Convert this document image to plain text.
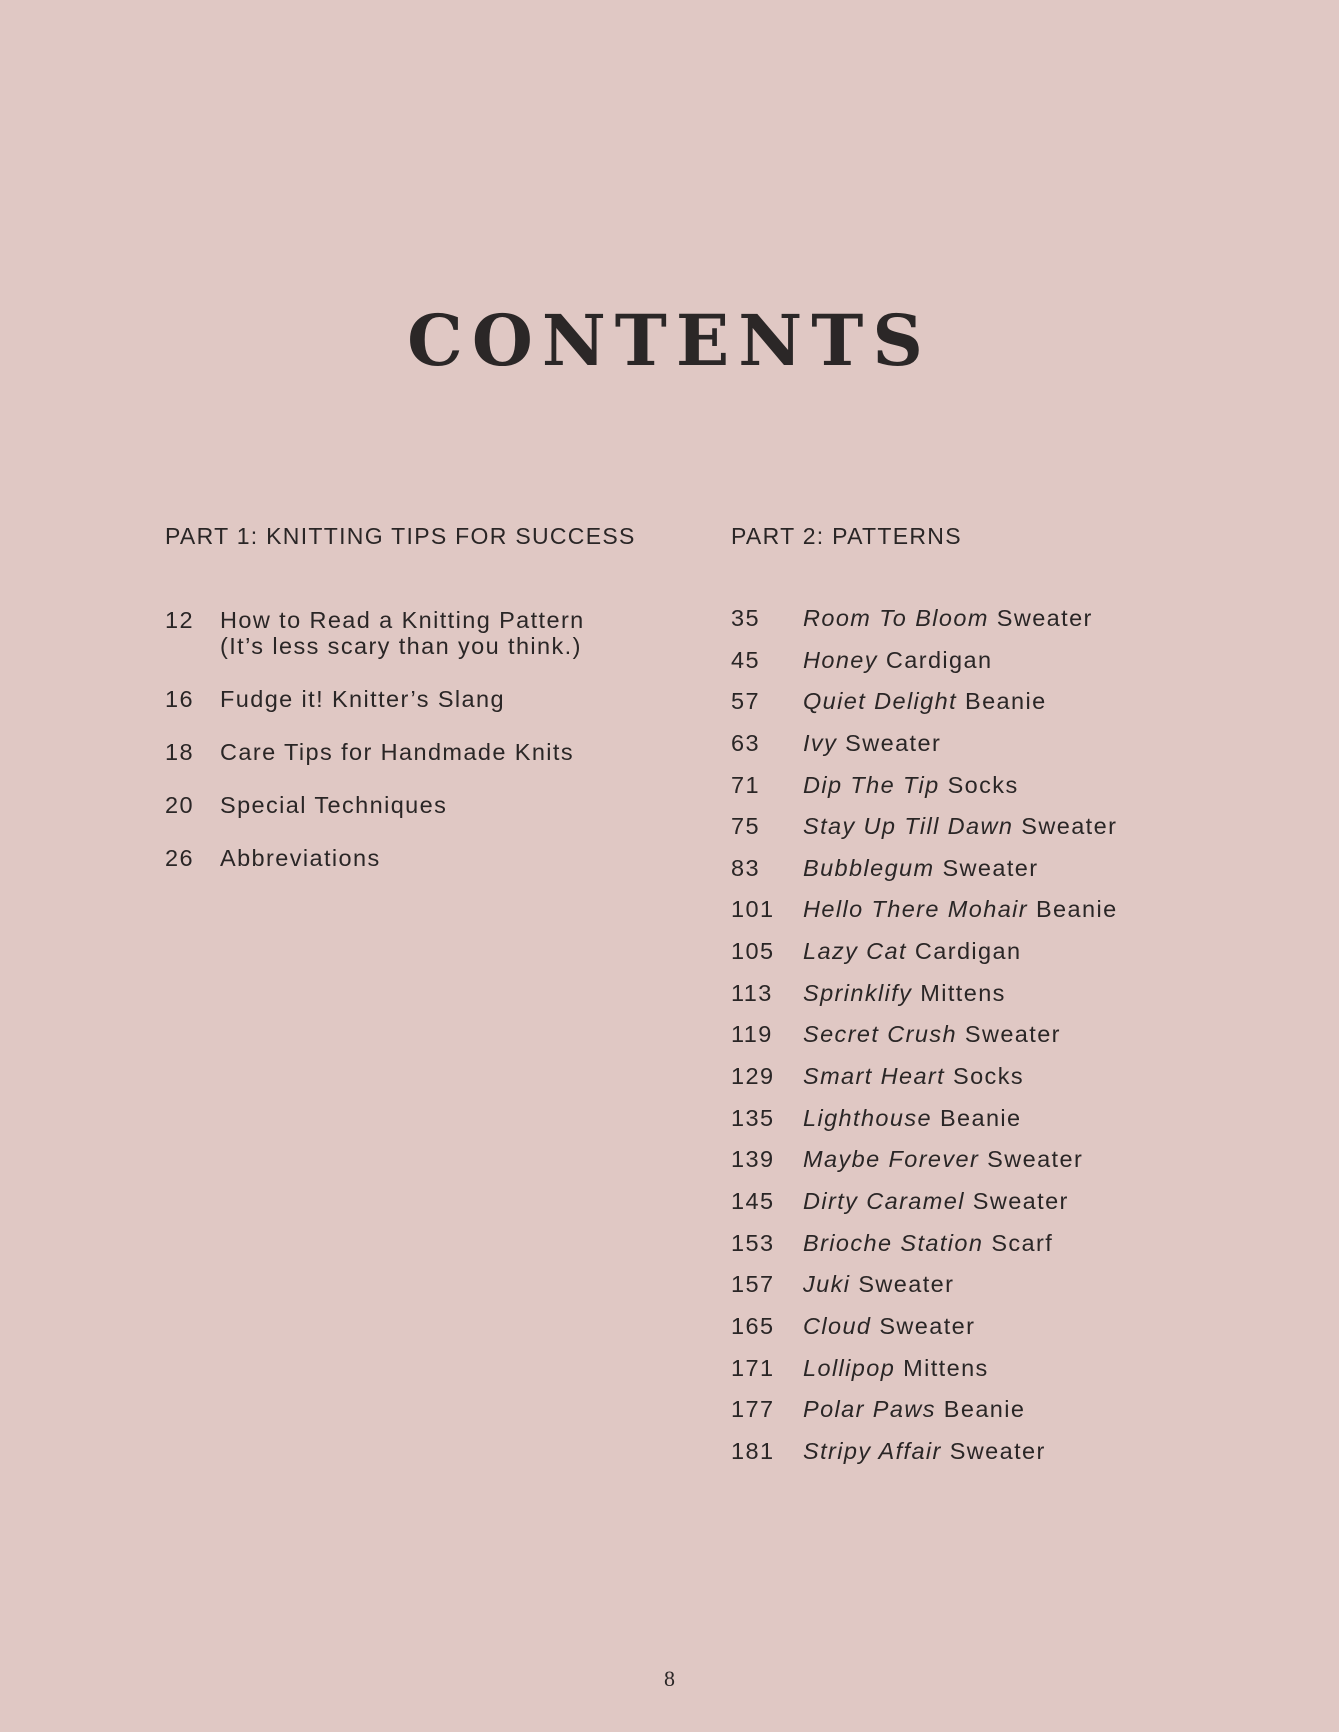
CONTENTS
PART 1: KNITTING TIPS FOR SUCCESS	PART 2: PATTERNS
12	How to Read a Knitting Pattern
(It’s less scary than you think.)
16	Fudge it! Knitter’s Slang
18	Care Tips for Handmade Knits
20	Special Techniques
26	Abbreviations
35	Room To Bloom Sweater
45	Honey Cardigan
57	Quiet Delight Beanie
63	Ivy Sweater
71	Dip The Tip Socks
75	Stay Up Till Dawn Sweater
83	Bubblegum Sweater
101	Hello There Mohair Beanie
105	Lazy Cat Cardigan
113	Sprinklify Mittens
119	Secret Crush Sweater
129	Smart Heart Socks
135	Lighthouse Beanie
139	Maybe Forever Sweater
145	Dirty Caramel Sweater
153	Brioche Station Scarf
157	Juki Sweater
165	Cloud Sweater
171	Lollipop Mittens
177	Polar Paws Beanie
181	Stripy Affair Sweater
8
